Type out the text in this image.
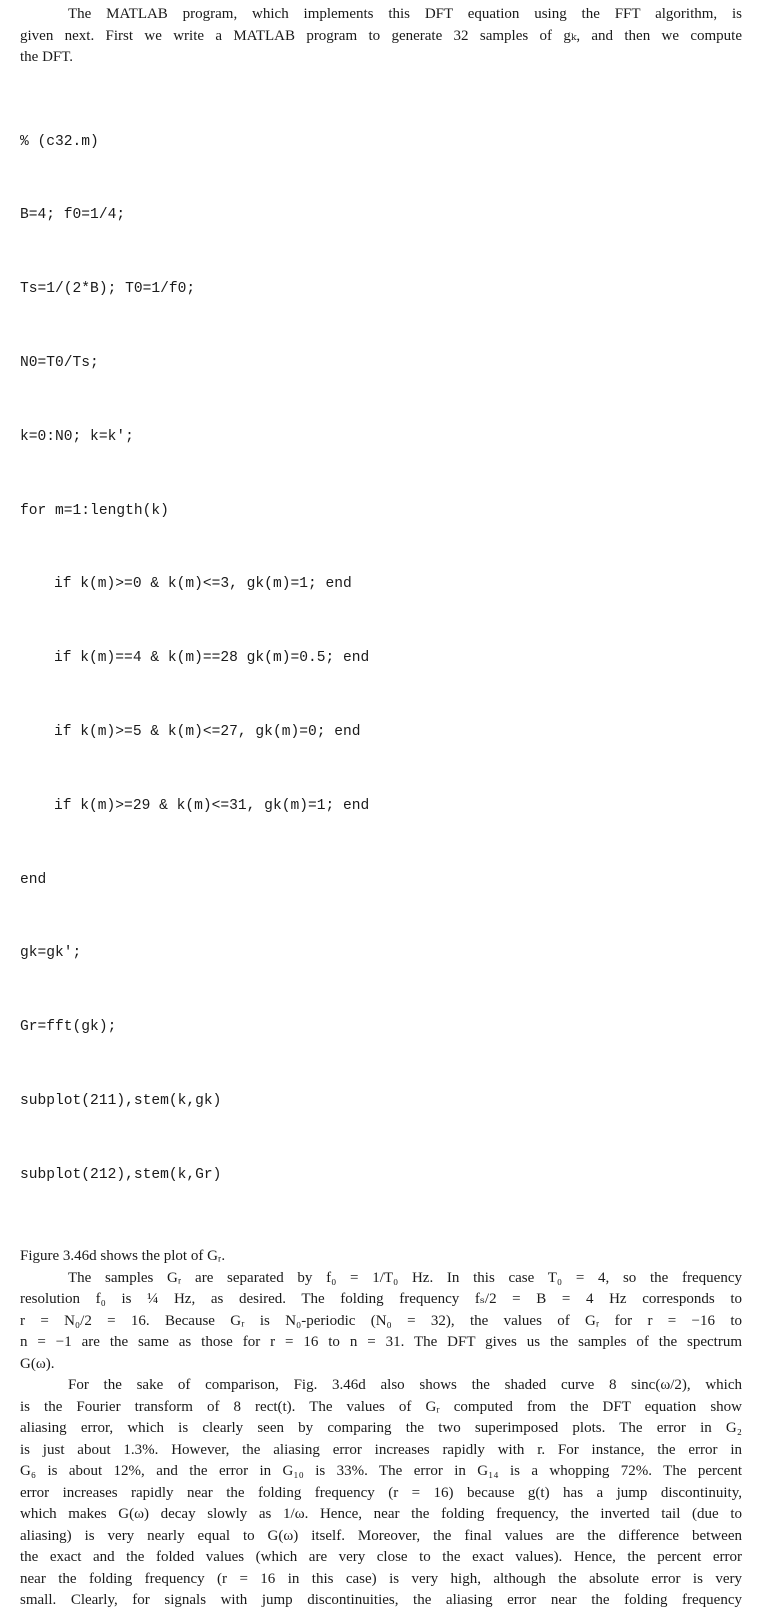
The MATLAB program, which implements this DFT equation using the FFT algorithm, is
given next. First we write a MATLAB program to generate 32 samples of gₖ, and then we compute
the DFT.

% (c32.m)

B=4; f0=1/4;

Ts=1/(2*B); T0=1/f0;

N0=T0/Ts;

k=0:N0; k=k';

for m=1:length(k)

if k(m)>=0 & k(m)<=3, gk(m)=1; end

if k(m)==4 & k(m)==28 gk(m)=0.5; end

if k(m)>=5 & k(m)<=27, gk(m)=0; end

if k(m)>=29 & k(m)<=31, gk(m)=1; end

end

gk=gk';

Gr=fft(gk);

subplot(211),stem(k,gk)

subplot(212),stem(k,Gr)

Figure 3.46d shows the plot of Gᵣ.
The samples Gᵣ are separated by f₀ = 1/T₀ Hz. In this case T₀ = 4, so the frequency
resolution f₀ is ¼ Hz, as desired. The folding frequency fₛ/2 = B = 4 Hz corresponds to
r = N₀/2 = 16. Because Gᵣ is N₀-periodic (N₀ = 32), the values of Gᵣ for r = −16 to
n = −1 are the same as those for r = 16 to n = 31. The DFT gives us the samples of the spectrum
G(ω).
For the sake of comparison, Fig. 3.46d also shows the shaded curve 8 sinc(ω/2), which
is the Fourier transform of 8 rect(t). The values of Gᵣ computed from the DFT equation show
aliasing error, which is clearly seen by comparing the two superimposed plots. The error in G₂
is just about 1.3%. However, the aliasing error increases rapidly with r. For instance, the error in
G₆ is about 12%, and the error in G₁₀ is 33%. The error in G₁₄ is a whopping 72%. The percent
error increases rapidly near the folding frequency (r = 16) because g(t) has a jump discontinuity,
which makes G(ω) decay slowly as 1/ω. Hence, near the folding frequency, the inverted tail (due to
aliasing) is very nearly equal to G(ω) itself. Moreover, the final values are the difference between
the exact and the folded values (which are very close to the exact values). Hence, the percent error
near the folding frequency (r = 16 in this case) is very high, although the absolute error is very
small. Clearly, for signals with jump discontinuities, the aliasing error near the folding frequency
